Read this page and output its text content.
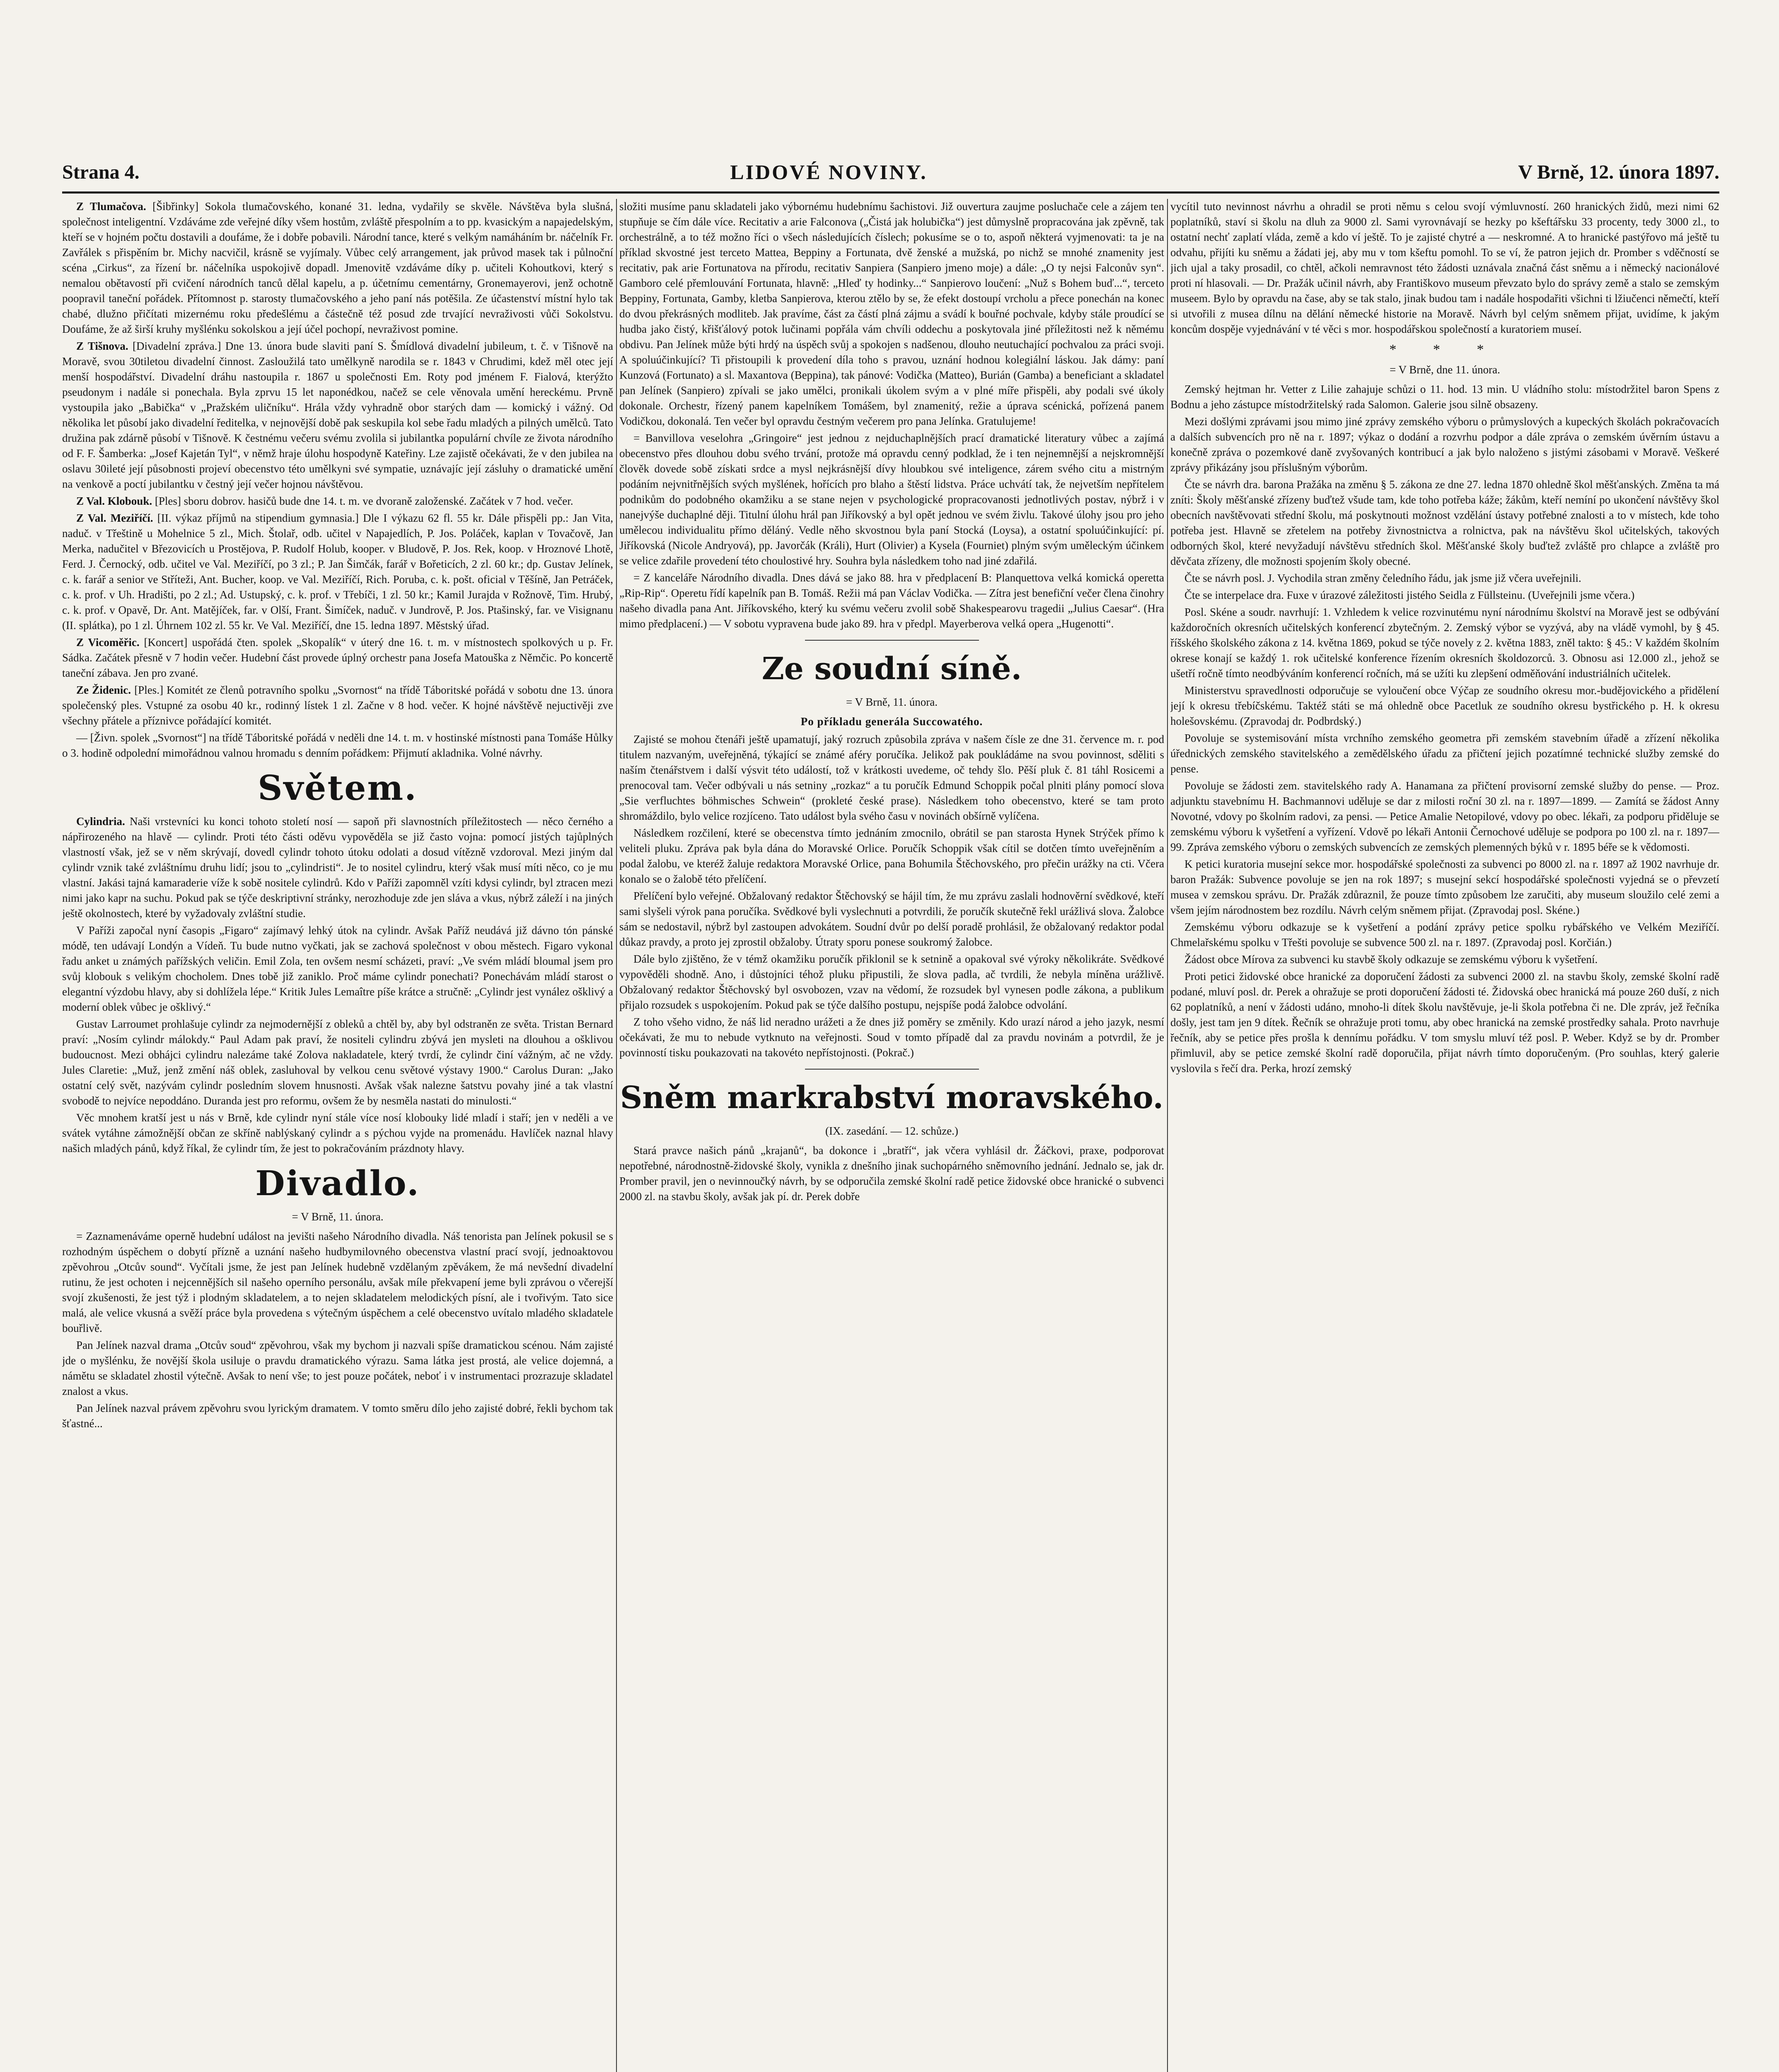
Strana 4.	LIDOVÉ NOVINY.	V Brně, 12. února 1897.

Z Tlumačova. [Šibřinky] Sokola tlumačovského, konané 31. ledna, vydařily se skvěle. Návštěva byla slušná, společnost inteligentní. Vzdáváme zde veřejné díky všem hostům, zvláště přespolním a to pp. kvasickým a napajedelským, kteří se v hojném počtu dostavili a doufáme, že i dobře pobavili. Národní tance, které s velkým namáháním br. náčelník Fr. Zavřálek s přispěním br. Michy nacvičil, krásně se vyjímaly. Vůbec celý arrangement, jak průvod masek tak i půlnoční scéna „Cirkus“, za řízení br. náčelníka uspokojivě dopadl. Jmenovitě vzdáváme díky p. učiteli Kohoutkovi, který s nemalou obětavostí při cvičení národních tanců dělal kapelu, a p. účetnímu cementárny, Gronemayerovi, jenž ochotně poopravil taneční pořádek. Přítomnost p. starosty tlumačovského a jeho paní nás potěšila. Ze účastenství místní hylo tak chabé, dlužno přičítati mizernému roku předešlému a částečně též posud zde trvající nevraživosti vůči Sokolstvu. Doufáme, že až širší kruhy myšlénku sokolskou a její účel pochopí, nevraživost pomine.

Z Tišnova. [Divadelní zpráva.] Dne 13. února bude slaviti paní S. Šmídlová divadelní jubileum, t. č. v Tišnově na Moravě, svou 30tiletou divadelní činnost. Zasloužilá tato umělkyně narodila se r. 1843 v Chrudimi, kdež měl otec její menší hospodářství. Divadelní dráhu nastoupila r. 1867 u společnosti Em. Roty pod jménem F. Fialová, kterýžto pseudonym i nadále si ponechala. Byla zprvu 15 let naponédkou, načež se cele věnovala umění hereckému. Prvně vystoupila jako „Babička“ v „Pražském uličníku“. Hrála vždy vyhradně obor starých dam — komický i vážný. Od několika let působí jako divadelní ředitelka, v nejnovější době pak seskupila kol sebe řadu mladých a pilných umělců. Tato družina pak zdárně působí v Tišnově. K čestnému večeru svému zvolila si jubilantka populární chvíle ze života národního od F. F. Šamberka: „Josef Kajetán Tyl“, v němž hraje úlohu hospodyně Kateřiny. Lze zajistě očekávati, že v den jubilea na oslavu 30ileté její působnosti projeví obecenstvo této umělkyni své sympatie, uznávajíc její zásluhy o dramatické umění na venkově a poctí jubilantku v čestný její večer hojnou návštěvou.

Z Val. Klobouk. [Ples] sboru dobrov. hasičů bude dne 14. t. m. ve dvoraně založenské. Začátek v 7 hod. večer.

Z Val. Meziříčí. [II. výkaz příjmů na stipendium gymnasia.] Dle I výkazu 62 fl. 55 kr. Dále přispěli pp.: Jan Vita, naduč. v Třeštině u Mohelnice 5 zl., Mich. Štolař, odb. učitel v Napajedlích, P. Jos. Poláček, kaplan v Tovačově, Jan Merka, nadučitel v Březovicích u Prostějova, P. Rudolf Holub, kooper. v Bludově, P. Jos. Rek, koop. v Hroznové Lhotě, Ferd. J. Černocký, odb. učitel ve Val. Meziříčí, po 3 zl.; P. Jan Šimčák, farář v Bořeticích, 2 zl. 60 kr.; dp. Gustav Jelínek, c. k. farář a senior ve Stříteži, Ant. Bucher, koop. ve Val. Meziříčí, Rich. Poruba, c. k. pošt. oficial v Těšíně, Jan Petráček, c. k. prof. v Uh. Hradišti, po 2 zl.; Ad. Ustupský, c. k. prof. v Třebíči, 1 zl. 50 kr.; Kamil Jurajda v Rožnově, Tim. Hrubý, c. k. prof. v Opavě, Dr. Ant. Matějíček, far. v Olší, Frant. Šimíček, naduč. v Jundrově, P. Jos. Ptašinský, far. ve Visignanu (II. splátka), po 1 zl. Úhrnem 102 zl. 55 kr. Ve Val. Meziříčí, dne 15. ledna 1897. Městský úřad.

Z Vicoměřic. [Koncert] uspořádá čten. spolek „Skopalík“ v úterý dne 16. t. m. v místnostech spolkových u p. Fr. Sádka. Začátek přesně v 7 hodin večer. Hudební část provede úplný orchestr pana Josefa Matouška z Němčic. Po koncertě taneční zábava. Jen pro zvané.

Ze Židenic. [Ples.] Komitét ze členů potravního spolku „Svornost“ na třídě Táboritské pořádá v sobotu dne 13. února společenský ples. Vstupné za osobu 40 kr., rodinný lístek 1 zl. Začne v 8 hod. večer. K hojné návštěvě nejuctivěji zve všechny přátele a příznivce pořádající komitét.

— [Živn. spolek „Svornost“] na třídě Táboritské pořádá v neděli dne 14. t. m. v hostinské místnosti pana Tomáše Hůlky o 3. hodině odpolední mimořádnou valnou hromadu s denním pořádkem: Přijmutí akladnika. Volné návrhy.

Světem.

Cylindria. Naši vrstevníci ku konci tohoto století nosí — sapoň při slavnostních příležitostech — něco černého a nápřirozeného na hlavě — cylindr. Proti této části oděvu vypověděla se již často vojna: pomocí jistých tajůplných vlastností však, jež se v něm skrývají, dovedl cylindr tohoto útoku odolati a dosud vítězně vzdoroval. Mezi jiným dal cylindr vznik také zvláštnímu druhu lidí; jsou to „cylindristi“. Je to nositel cylindru, který však musí míti něco, co je mu vlastní. Jakási tajná kamaraderie víže k sobě nositele cylindrů. Kdo v Paříži zapomněl vzíti kdysi cylindr, byl ztracen mezi nimi jako kapr na suchu. Pokud pak se týče deskriptivní stránky, nerozhoduje zde jen sláva a vkus, nýbrž záleží i na jiných ještě okolnostech, které by vyžadovaly zvláštní studie.

V Paříži započal nyní časopis „Figaro“ zajímavý lehký útok na cylindr. Avšak Paříž neudává již dávno tón pánské módě, ten udávají Londýn a Vídeň. Tu bude nutno vyčkati, jak se zachová společnost v obou městech. Figaro vykonal řadu anket u známých pařížských veličin. Emil Zola, ten ovšem nesmí scházeti, praví: „Ve svém mládí bloumal jsem pro svůj klobouk s velikým chocholem. Dnes tobě již zaniklo. Proč máme cylindr ponechati? Ponechávám mládí starost o elegantní výzdobu hlavy, aby si dohlížela lépe.“ Kritik Jules Lemaître píše krátce a stručně: „Cylindr jest vynález ošklivý a moderní oblek vůbec je ošklivý.“

Gustav Larroumet prohlašuje cylindr za nejmodernější z obleků a chtěl by, aby byl odstraněn ze světa. Tristan Bernard praví: „Nosím cylindr málokdy.“ Paul Adam pak praví, že nositeli cylindru zbývá jen mysleti na dlouhou a ošklivou budoucnost. Mezi obhájci cylindru nalezáme také Zolova nakladatele, který tvrdí, že cylindr činí vážným, ač ne vždy. Jules Claretie: „Muž, jenž změní náš oblek, zasluhoval by velkou cenu světové výstavy 1900.“ Carolus Duran: „Jako ostatní celý svět, nazývám cylindr posledním slovem hnusnosti. Avšak však nalezne šatstvu povahy jiné a tak vlastní svobodě to nejvíce nepoddáno. Duranda jest pro reformu, ovšem že by nesměla nastati do minulosti.“

Věc mnohem kratší jest u nás v Brně, kde cylindr nyní stále více nosí klobouky lidé mladí i staří; jen v neděli a ve svátek vytáhne zámožnější občan ze skříně nablýskaný cylindr a s pýchou vyjde na promenádu. Havlíček naznal hlavy našich mladých pánů, když říkal, že cylindr tím, že jest to pokračováním prázdnoty hlavy.

Divadlo.
= V Brně, 11. února.

= Zaznamenáváme operně hudební událost na jevišti našeho Národního divadla. Náš tenorista pan Jelínek pokusil se s rozhodným úspěchem o dobytí přízně a uznání našeho hudbymilovného obecenstva vlastní prací svojí, jednoaktovou zpěvohrou „Otcův sound“. Vyčítali jsme, že jest pan Jelínek hudebně vzdělaným zpěvákem, že má nevšední divadelní rutinu, že jest ochoten i nejcennějších sil našeho operního personálu, avšak míle překvapení jeme byli zprávou o včerejší svojí zkušenosti, že jest týž i plodným skladatelem, a to nejen skladatelem melodických písní, ale i tvořivým. Tato sice malá, ale velice vkusná a svěží práce byla provedena s výtečným úspěchem a celé obecenstvo uvítalo mladého skladatele bouřlivě.

Pan Jelínek nazval drama „Otcův soud“ zpěvohrou, však my bychom ji nazvali spíše dramatickou scénou. Nám zajisté jde o myšlénku, že novější škola usiluje o pravdu dramatického výrazu. Sama látka jest prostá, ale velice dojemná, a námětu se skladatel zhostil výtečně. Avšak to není vše; to jest pouze počátek, neboť i v instrumentaci prozrazuje skladatel znalost a vkus.

Pan Jelínek nazval právem zpěvohru svou lyrickým dramatem. V tomto směru dílo jeho zajisté dobré, řekli bychom tak šťastné...

složiti musíme panu skladateli jako výbornému hudebnímu šachistovi. Již ouvertura zaujme posluchače cele a zájem ten stupňuje se čím dále více. Recitativ a arie Falconova („Čistá jak holubička“) jest důmyslně propracována jak zpěvně, tak orchestrálně, a to též možno říci o všech následujících číslech; pokusíme se o to, aspoň některá vyjmenovati: ta je na příklad skvostné jest terceto Mattea, Beppiny a Fortunata, dvě ženské a mužská, po nichž se mnohé znamenity jest recitativ, pak arie Fortunatova na přírodu, recitativ Sanpiera (Sanpiero jmeno moje) a dále: „O ty nejsi Falconův syn“. Gamboro celé přemlouvání Fortunata, hlavně: „Hleď ty hodinky...“ Sanpierovo loučení: „Nuž s Bohem buď...“, terceto Beppiny, Fortunata, Gamby, kletba Sanpierova, kterou ztělo by se, že efekt dostoupí vrcholu a přece ponechán na konec do dvou překrásných modliteb. Jak pravíme, část za částí plná zájmu a svádí k bouřné pochvale, kdyby stále proudící se hudba jako čistý, křišťálový potok lučinami popřála vám chvíli oddechu a poskytovala jiné příležitosti než k němému obdivu. Pan Jelínek může býti hrdý na úspěch svůj a spokojen s nadšenou, dlouho neutuchající pochvalou za práci svoji. A spoluúčinkující? Ti přistoupili k provedení díla toho s pravou, uznání hodnou kolegiální láskou. Jak dámy: paní Kunzová (Fortunato) a sl. Maxantova (Beppina), tak pánové: Vodička (Matteo), Burián (Gamba) a beneficiant a skladatel pan Jelínek (Sanpiero) zpívali se jako umělci, pronikali úkolem svým a v plné míře přispěli, aby podali své úkoly dokonale. Orchestr, řízený panem kapelníkem Tomášem, byl znamenitý, režie a úprava scénická, pořízená panem Vodičkou, dokonalá. Ten večer byl opravdu čestným večerem pro pana Jelínka. Gratulujeme!

= Banvillova veselohra „Gringoire“ jest jednou z nejduchaplnějších prací dramatické literatury vůbec a zajímá obecenstvo přes dlouhou dobu svého trvání, protože má opravdu cenný podklad, že i ten nejnemnější a nejskromnější člověk dovede sobě získati srdce a mysl nejkrásnější dívy hloubkou své inteligence, zárem svého citu a mistrným podáním nejvnitřnějších svých myšlének, hořících pro blaho a štěstí lidstva. Práce uchvátí tak, že nejvetším nepřítelem podnikům do podobného okamžiku a se stane nejen v psychologické propracovanosti jednotlivých postav, nýbrž i v nanejvýše duchaplné ději. Titulní úlohu hrál pan Jiříkovský a byl opět jednou ve svém živlu. Takové úlohy jsou pro jeho umělecou individualitu přímo děláný. Vedle něho skvostnou byla paní Stocká (Loysa), a ostatní spoluúčinkující: pí. Jiříkovská (Nicole Andryová), pp. Javorčák (Králi), Hurt (Olivier) a Kysela (Fourniet) plným svým uměleckým účinkem se velice zdařile provedení této choulostivé hry. Souhra byla následkem toho nad jiné zdařilá.

= Z kanceláře Národního divadla. Dnes dává se jako 88. hra v předplacení B: Planquettova velká komická operetta „Rip-Rip“. Operetu řídí kapelník pan B. Tomáš. Režii má pan Václav Vodička. — Zítra jest benefiční večer člena činohry našeho divadla pana Ant. Jiříkovského, který ku svému večeru zvolil sobě Shakespearovu tragedii „Julius Caesar“. (Hra mimo předplacení.) — V sobotu vypravena bude jako 89. hra v předpl. Mayerberova velká opera „Hugenotti“.

Ze soudní síně.
= V Brně, 11. února.
Po příkladu generála Succowatého.

Zajisté se mohou čtenáři ještě upamatují, jaký rozruch způsobila zpráva v našem čísle ze dne 31. července m. r. pod titulem nazvaným, uveřejněná, týkající se známé aféry poručíka. Jelikož pak poukládáme na svou povinnost, sděliti s naším čtenářstvem i další výsvit této událostí, tož v krátkosti uvedeme, oč tehdy šlo. Pěší pluk č. 81 táhl Rosicemi a prenocoval tam. Večer odbývali u nás setniny „rozkaz“ a tu poručík Edmund Schoppik počal plniti plány pomocí slova „Sie verfluchtes böhmisches Schwein“ (prokleté české prase). Následkem toho obecenstvo, které se tam proto shromáždilo, bylo velice rozjíceno. Tato událost byla svého času v novinách obšírně vylíčena.

Následkem rozčilení, které se obecenstva tímto jednáním zmocnilo, obrátil se pan starosta Hynek Strýček přímo k veliteli pluku. Zpráva pak byla dána do Moravské Orlice. Poručík Schoppik však cítil se dotčen tímto uveřejněním a podal žalobu, ve kteréž žaluje redaktora Moravské Orlice, pana Bohumila Štěchovského, pro přečin urážky na cti. Včera konalo se o žalobě této přelíčení.

Přelíčení bylo veřejné. Obžalovaný redaktor Štěchovský se hájil tím, že mu zprávu zaslali hodnověrní svědkové, kteří sami slyšeli výrok pana poručíka. Svědkové byli vyslechnuti a potvrdili, že poručík skutečně řekl urážlivá slova. Žalobce sám se nedostavil, nýbrž byl zastoupen advokátem. Soudní dvůr po delší poradě prohlásil, že obžalovaný redaktor podal důkaz pravdy, a proto jej zprostil obžaloby. Útraty sporu ponese soukromý žalobce.

Dále bylo zjištěno, že v témž okamžiku poručík přiklonil se k setnině a opakoval své výroky několikráte. Svědkové vypověděli shodně. Ano, i důstojníci téhož pluku připustili, že slova padla, ač tvrdili, že nebyla míněna urážlivě. Obžalovaný redaktor Štěchovský byl osvobozen, vzav na vědomí, že rozsudek byl vynesen podle zákona, a publikum přijalo rozsudek s uspokojením. Pokud pak se týče dalšího postupu, nejspíše podá žalobce odvolání.

Z toho všeho vidno, že náš lid neradno urážeti a že dnes již poměry se změnily. Kdo urazí národ a jeho jazyk, nesmí očekávati, že mu to nebude vytknuto na veřejnosti. Soud v tomto případě dal za pravdu novinám a potvrdil, že je povinností tisku poukazovati na takovéto nepřístojnosti. (Pokrač.)

Sněm markrabství moravského.
(IX. zasedání. — 12. schůze.)

Stará pravce našich pánů „krajanů“, ba dokonce i „bratří“, jak včera vyhlásil dr. Žáčkovi, praxe, podporovat nepotřebné, národnostně-židovské školy, vynikla z dnešního jinak suchopárného sněmovního jednání. Jednalo se, jak dr. Promber pravil, jen o nevinnoučký návrh, by se odporučila zemské školní radě petice židovské obce hranické o subvenci 2000 zl. na stavbu školy, avšak jak pí. dr. Perek dobře

vycítil tuto nevinnost návrhu a ohradil se proti němu s celou svojí výmluvností. 260 hranických židů, mezi nimi 62 poplatníků, staví si školu na dluh za 9000 zl. Sami vyrovnávají se hezky po kšeftářsku 33 procenty, tedy 3000 zl., to ostatní nechť zaplatí vláda, země a kdo ví ještě. To je zajisté chytré a — neskromné. A to hranické pastýřovo má ještě tu odvahu, přijíti ku sněmu a žádati jej, aby mu v tom kšeftu pomohl. To se ví, že patron jejich dr. Promber s vděčností se jich ujal a taky prosadil, co chtěl, ačkoli nemravnost této žádosti uznávala značná část sněmu a i německý nacionálové proti ní hlasovali. — Dr. Pražák učinil návrh, aby Františkovo museum převzato bylo do správy země a stalo se zemským museem. Bylo by opravdu na čase, aby se tak stalo, jinak budou tam i nadále hospodařiti všichni ti lžiučenci němečtí, kteří si utvořili z musea dílnu na dělání německé historie na Moravě. Návrh byl celým sněmem přijat, uvidíme, k jakým koncům dospěje vyjednávání v té věci s mor. hospodářskou společností a kuratoriem museí.

* * *
= V Brně, dne 11. února.

Zemský hejtman hr. Vetter z Lilie zahajuje schůzi o 11. hod. 13 min. U vládního stolu: místodržitel baron Spens z Bodnu a jeho zástupce místodržitelský rada Salomon. Galerie jsou silně obsazeny.

Mezi došlými zprávami jsou mimo jiné zprávy zemského výboru o průmyslových a kupeckých školách pokračovacích a dalších subvencích pro ně na r. 1897; výkaz o dodání a rozvrhu podpor a dále zpráva o zemském úvěrním ústavu a konečně zpráva o pozemkové daně zvyšovaných kontribucí a jak bylo naloženo s jistými zásobami v Moravě. Veškeré zprávy přikázány jsou příslušným výborům.

Čte se návrh dra. barona Pražáka na změnu § 5. zákona ze dne 27. ledna 1870 ohledně škol měšťanských. Změna ta má zníti: Školy měšťanské zřízeny buďtež všude tam, kde toho potřeba káže; žákům, kteří nemíní po ukončení návštěvy škol obecních navštěvovati střední školu, má poskytnouti možnost vzdělání ústavy potřebné znalosti a to v místech, kde toho potřeba jest. Hlavně se zřetelem na potřeby živnostnictva a rolnictva, pak na návštěvu škol učitelských, takových odborných škol, které nevyžadují návštěvu středních škol. Měšťanské školy buďtež zvláště pro chlapce a zvláště pro děvčata zřízeny, dle možnosti spojením školy obecné.

Čte se návrh posl. J. Vychodila stran změny čeledního řádu, jak jsme již včera uveřejnili.

Čte se interpelace dra. Fuxe v úrazové záležitosti jistého Seidla z Füllsteinu. (Uveřejnili jsme včera.)

Posl. Skéne a soudr. navrhují: 1. Vzhledem k velice rozvinutému nyní národnímu školství na Moravě jest se odbývání každoročních okresních učitelských konferencí zbytečným. 2. Zemský výbor se vyzývá, aby na vládě vymohl, by § 45. říšského školského zákona z 14. května 1869, pokud se týče novely z 2. května 1883, zněl takto: § 45.: V každém školním okrese konají se každý 1. rok učitelské konference řízením okresních školdozorců. 3. Obnosu asi 12.000 zl., jehož se ušetří ročně tímto neodbýváním konferencí ročních, má se užíti ku zlepšení odměňování industriálních učitelek.

Ministerstvu spravedlnosti odporučuje se vyloučení obce Výčap ze soudního okresu mor.-budějovického a přidělení její k okresu třebíčskému. Taktéž státi se má ohledně obce Pacetluk ze soudního okresu bystřického p. H. k okresu holešovskému. (Zpravodaj dr. Podbrdský.)

Povoluje se systemisování místa vrchního zemského geometra při zemském stavebním úřadě a zřízení několika úřednických zemského stavitelského a zemědělského úřadu za přičtení jejich pozatímné technické služby zemské do pense.

Povoluje se žádosti zem. stavitelského rady A. Hanamana za přičtení provisorní zemské služby do pense. — Proz. adjunktu stavebnímu H. Bachmannovi uděluje se dar z milosti roční 30 zl. na r. 1897—1899. — Zamítá se žádost Anny Novotné, vdovy po školním radovi, za pensi. — Petice Amalie Netopilové, vdovy po obec. lékaři, za podporu přiděluje se zemskému výboru k vyšetření a vyřízení. Vdově po lékaři Antonii Černochové uděluje se podpora po 100 zl. na r. 1897—99. Zpráva zemského výboru o zemských subvencích ze zemských plemenných býků v r. 1895 béře se k vědomosti.

K petici kuratoria musejní sekce mor. hospodářské společnosti za subvenci po 8000 zl. na r. 1897 až 1902 navrhuje dr. baron Pražák: Subvence povoluje se jen na rok 1897; s musejní sekcí hospodářské společnosti vyjedná se o převzetí musea v zemskou správu. Dr. Pražák zdůraznil, že pouze tímto způsobem lze zaručiti, aby museum sloužilo celé zemi a všem jejím národnostem bez rozdílu. Návrh celým sněmem přijat. (Zpravodaj posl. Skéne.)

Zemskému výboru odkazuje se k vyšetření a podání zprávy petice spolku rybářského ve Velkém Meziříčí. Chmelařskému spolku v Třešti povoluje se subvence 500 zl. na r. 1897. (Zpravodaj posl. Korčián.)

Žádost obce Mírova za subvenci ku stavbě školy odkazuje se zemskému výboru k vyšetření.

Proti petici židovské obce hranické za doporučení žádosti za subvenci 2000 zl. na stavbu školy, zemské školní radě podané, mluví posl. dr. Perek a ohražuje se proti doporučení žádosti té. Židovská obec hranická má pouze 260 duší, z nich 62 poplatníků, a není v žádosti udáno, mnoho-li dítek školu navštěvuje, je-li škola potřebna či ne. Dle zpráv, jež řečníka došly, jest tam jen 9 dítek. Řečník se ohražuje proti tomu, aby obec hranická na zemské prostředky sahala. Proto navrhuje řečník, aby se petice přes prošla k dennímu pořádku. V tom smyslu mluví též posl. P. Weber. Když se by dr. Promber přimluvil, aby se petice zemské školní radě doporučila, přijat návrh tímto doporučeným. (Pro souhlas, který galerie vyslovila s řečí dra. Perka, hrozí zemský
